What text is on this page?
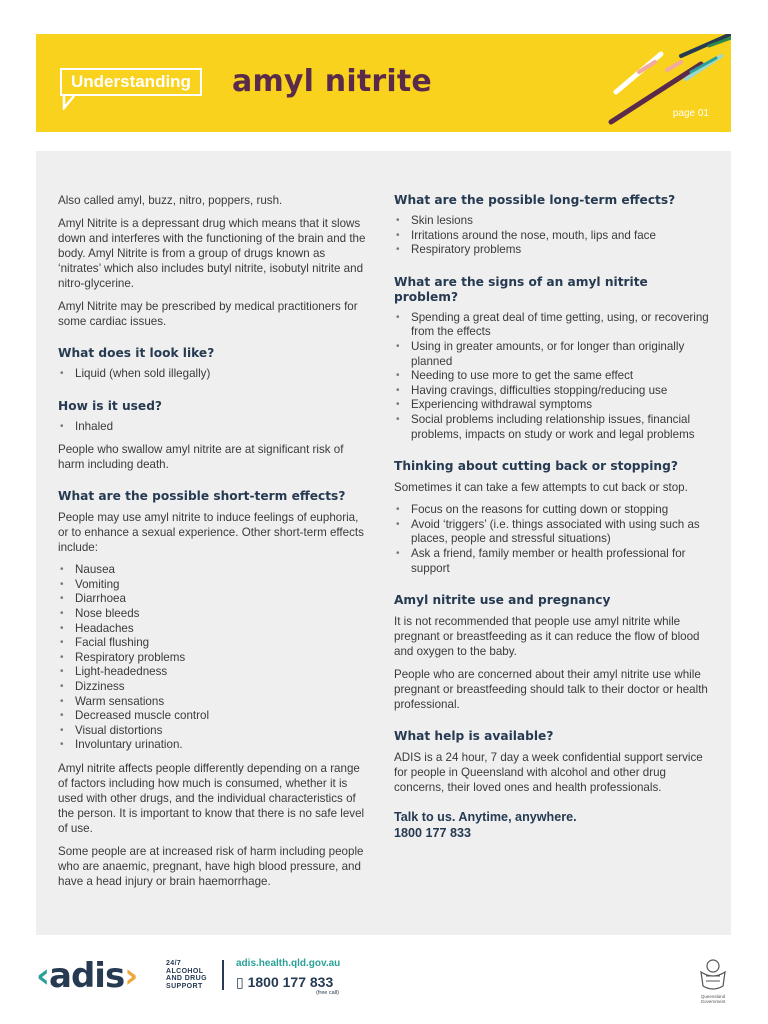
Understanding	amyl nitrite
page 01

Also called amyl, buzz, nitro, poppers, rush.

Amyl Nitrite is a depressant drug which means that it slows down and interferes with the functioning of the brain and the body. Amyl Nitrite is from a group of drugs known as ‘nitrates’ which also includes butyl nitrite, isobutyl nitrite and nitro-glycerine.

Amyl Nitrite may be prescribed by medical practitioners for some cardiac issues.

What does it look like?
• Liquid (when sold illegally)
How is it used?
• Inhaled

People who swallow amyl nitrite are at significant risk of harm including death.

What are the possible short-term effects?

People may use amyl nitrite to induce feelings of euphoria, or to enhance a sexual experience. Other short-term effects include:

• Nausea
• Vomiting
• Diarrhoea
• Nose bleeds
• Headaches
• Facial flushing
• Respiratory problems
• Light-headedness
• Dizziness
• Warm sensations
• Decreased muscle control
• Visual distortions
• Involuntary urination.

Amyl nitrite affects people differently depending on a range of factors including how much is consumed, whether it is used with other drugs, and the individual characteristics of the person. It is important to know that there is no safe level of use.

Some people are at increased risk of harm including people who are anaemic, pregnant, have high blood pressure, and have a head injury or brain haemorrhage.

What are the possible long-term effects?
• Skin lesions
• Irritations around the nose, mouth, lips and face
• Respiratory problems
What are the signs of an amyl nitrite problem?
• Spending a great deal of time getting, using, or recovering from the effects
• Using in greater amounts, or for longer than originally planned
• Needing to use more to get the same effect
• Having cravings, difficulties stopping/reducing use
• Experiencing withdrawal symptoms
• Social problems including relationship issues, financial problems, impacts on study or work and legal problems
Thinking about cutting back or stopping?

Sometimes it can take a few attempts to cut back or stop.

• Focus on the reasons for cutting down or stopping
• Avoid ‘triggers’ (i.e. things associated with using such as places, people and stressful situations)
• Ask a friend, family member or health professional for support
Amyl nitrite use and pregnancy

It is not recommended that people use amyl nitrite while pregnant or breastfeeding as it can reduce the flow of blood and oxygen to the baby.

People who are concerned about their amyl nitrite use while pregnant or breastfeeding should talk to their doctor or health professional.

What help is available?

ADIS is a 24 hour, 7 day a week confidential support service for people in Queensland with alcohol and other drug concerns, their loved ones and health professionals.

Talk to us. Anytime, anywhere.
1800 177 833
‹adis›	24/7
ALCOHOL
AND DRUG
SUPPORT
adis.health.qld.gov.au
▯ 1800 177 833
(free call)
Queensland Government
